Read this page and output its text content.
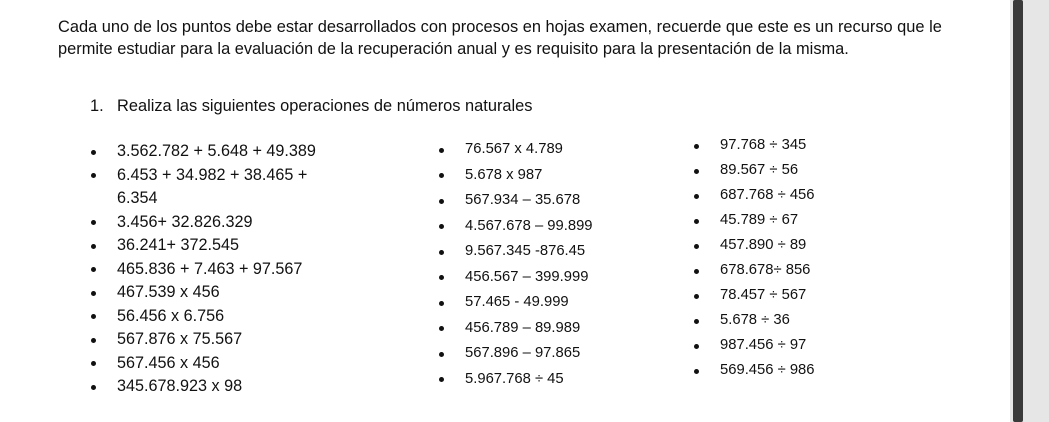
Cada uno de los puntos debe estar desarrollados con procesos en hojas examen, recuerde que este es un recurso que le permite estudiar para la evaluación de la recuperación anual y es requisito para la presentación de la misma.

1. Realiza las siguientes operaciones de números naturales

3.562.782 + 5.648 + 49.389
6.453 + 34.982 + 38.465 +
6.354
3.456+ 32.826.329
36.241+ 372.545
465.836 + 7.463 + 97.567
467.539 x 456
56.456 x 6.756
567.876 x 75.567
567.456 x 456
345.678.923 x 98
76.567 x 4.789
5.678 x 987
567.934 – 35.678
4.567.678 – 99.899
9.567.345 -876.45
456.567 – 399.999
57.465 - 49.999
456.789 – 89.989
567.896 – 97.865
5.967.768 ÷ 45
97.768 ÷ 345
89.567 ÷ 56
687.768 ÷ 456
45.789 ÷ 67
457.890 ÷ 89
678.678÷ 856
78.457 ÷ 567
5.678 ÷ 36
987.456 ÷ 97
569.456 ÷ 986
